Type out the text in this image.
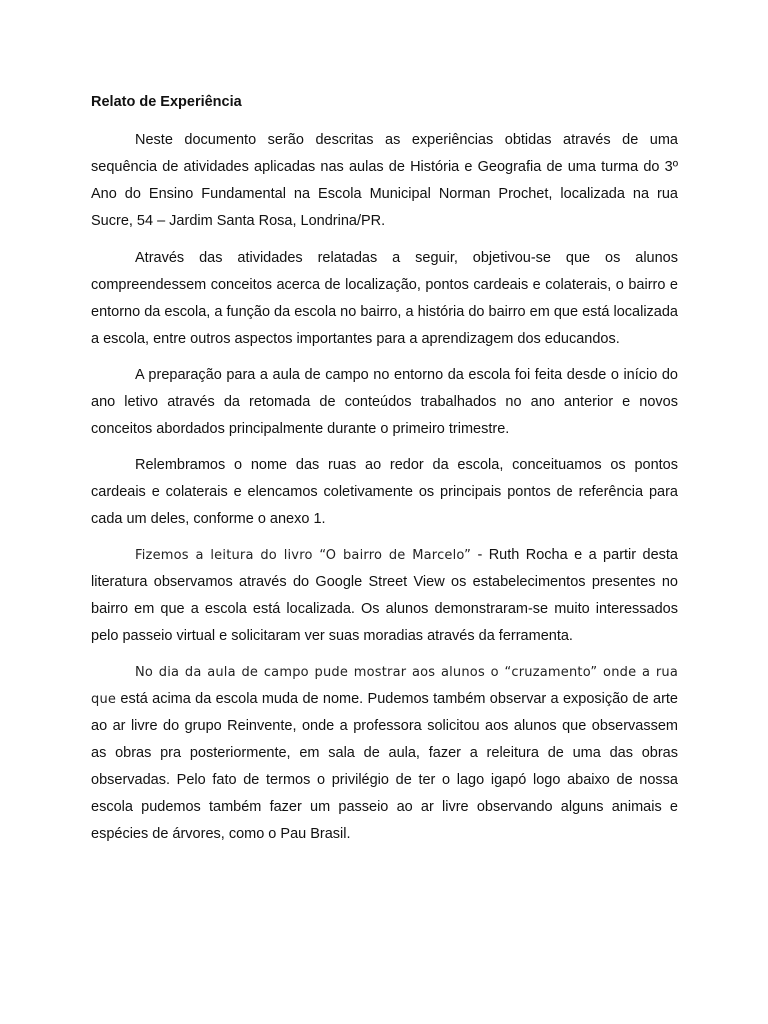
Relato de Experiência

Neste documento serão descritas as experiências obtidas através de uma sequência de atividades aplicadas nas aulas de História e Geografia de uma turma do 3º Ano do Ensino Fundamental na Escola Municipal Norman Prochet, localizada na rua Sucre, 54 – Jardim Santa Rosa, Londrina/PR.

Através das atividades relatadas a seguir, objetivou-se que os alunos compreendessem conceitos acerca de localização, pontos cardeais e colaterais, o bairro e entorno da escola, a função da escola no bairro, a história do bairro em que está localizada a escola, entre outros aspectos importantes para a aprendizagem dos educandos.

A preparação para a aula de campo no entorno da escola foi feita desde o início do ano letivo através da retomada de conteúdos trabalhados no ano anterior e novos conceitos abordados principalmente durante o primeiro trimestre.

Relembramos o nome das ruas ao redor da escola, conceituamos os pontos cardeais e colaterais e elencamos coletivamente os principais pontos de referência para cada um deles, conforme o anexo 1.

Fizemos a leitura do livro “O bairro de Marcelo” - Ruth Rocha e a partir desta literatura observamos através do Google Street View os estabelecimentos presentes no bairro em que a escola está localizada. Os alunos demonstraram-se muito interessados pelo passeio virtual e solicitaram ver suas moradias através da ferramenta.

No dia da aula de campo pude mostrar aos alunos o “cruzamento” onde a rua que está acima da escola muda de nome. Pudemos também observar a exposição de arte ao ar livre do grupo Reinvente, onde a professora solicitou aos alunos que observassem as obras pra posteriormente, em sala de aula, fazer a releitura de uma das obras observadas. Pelo fato de termos o privilégio de ter o lago igapó logo abaixo de nossa escola pudemos também fazer um passeio ao ar livre observando alguns animais e espécies de árvores, como o Pau Brasil.
